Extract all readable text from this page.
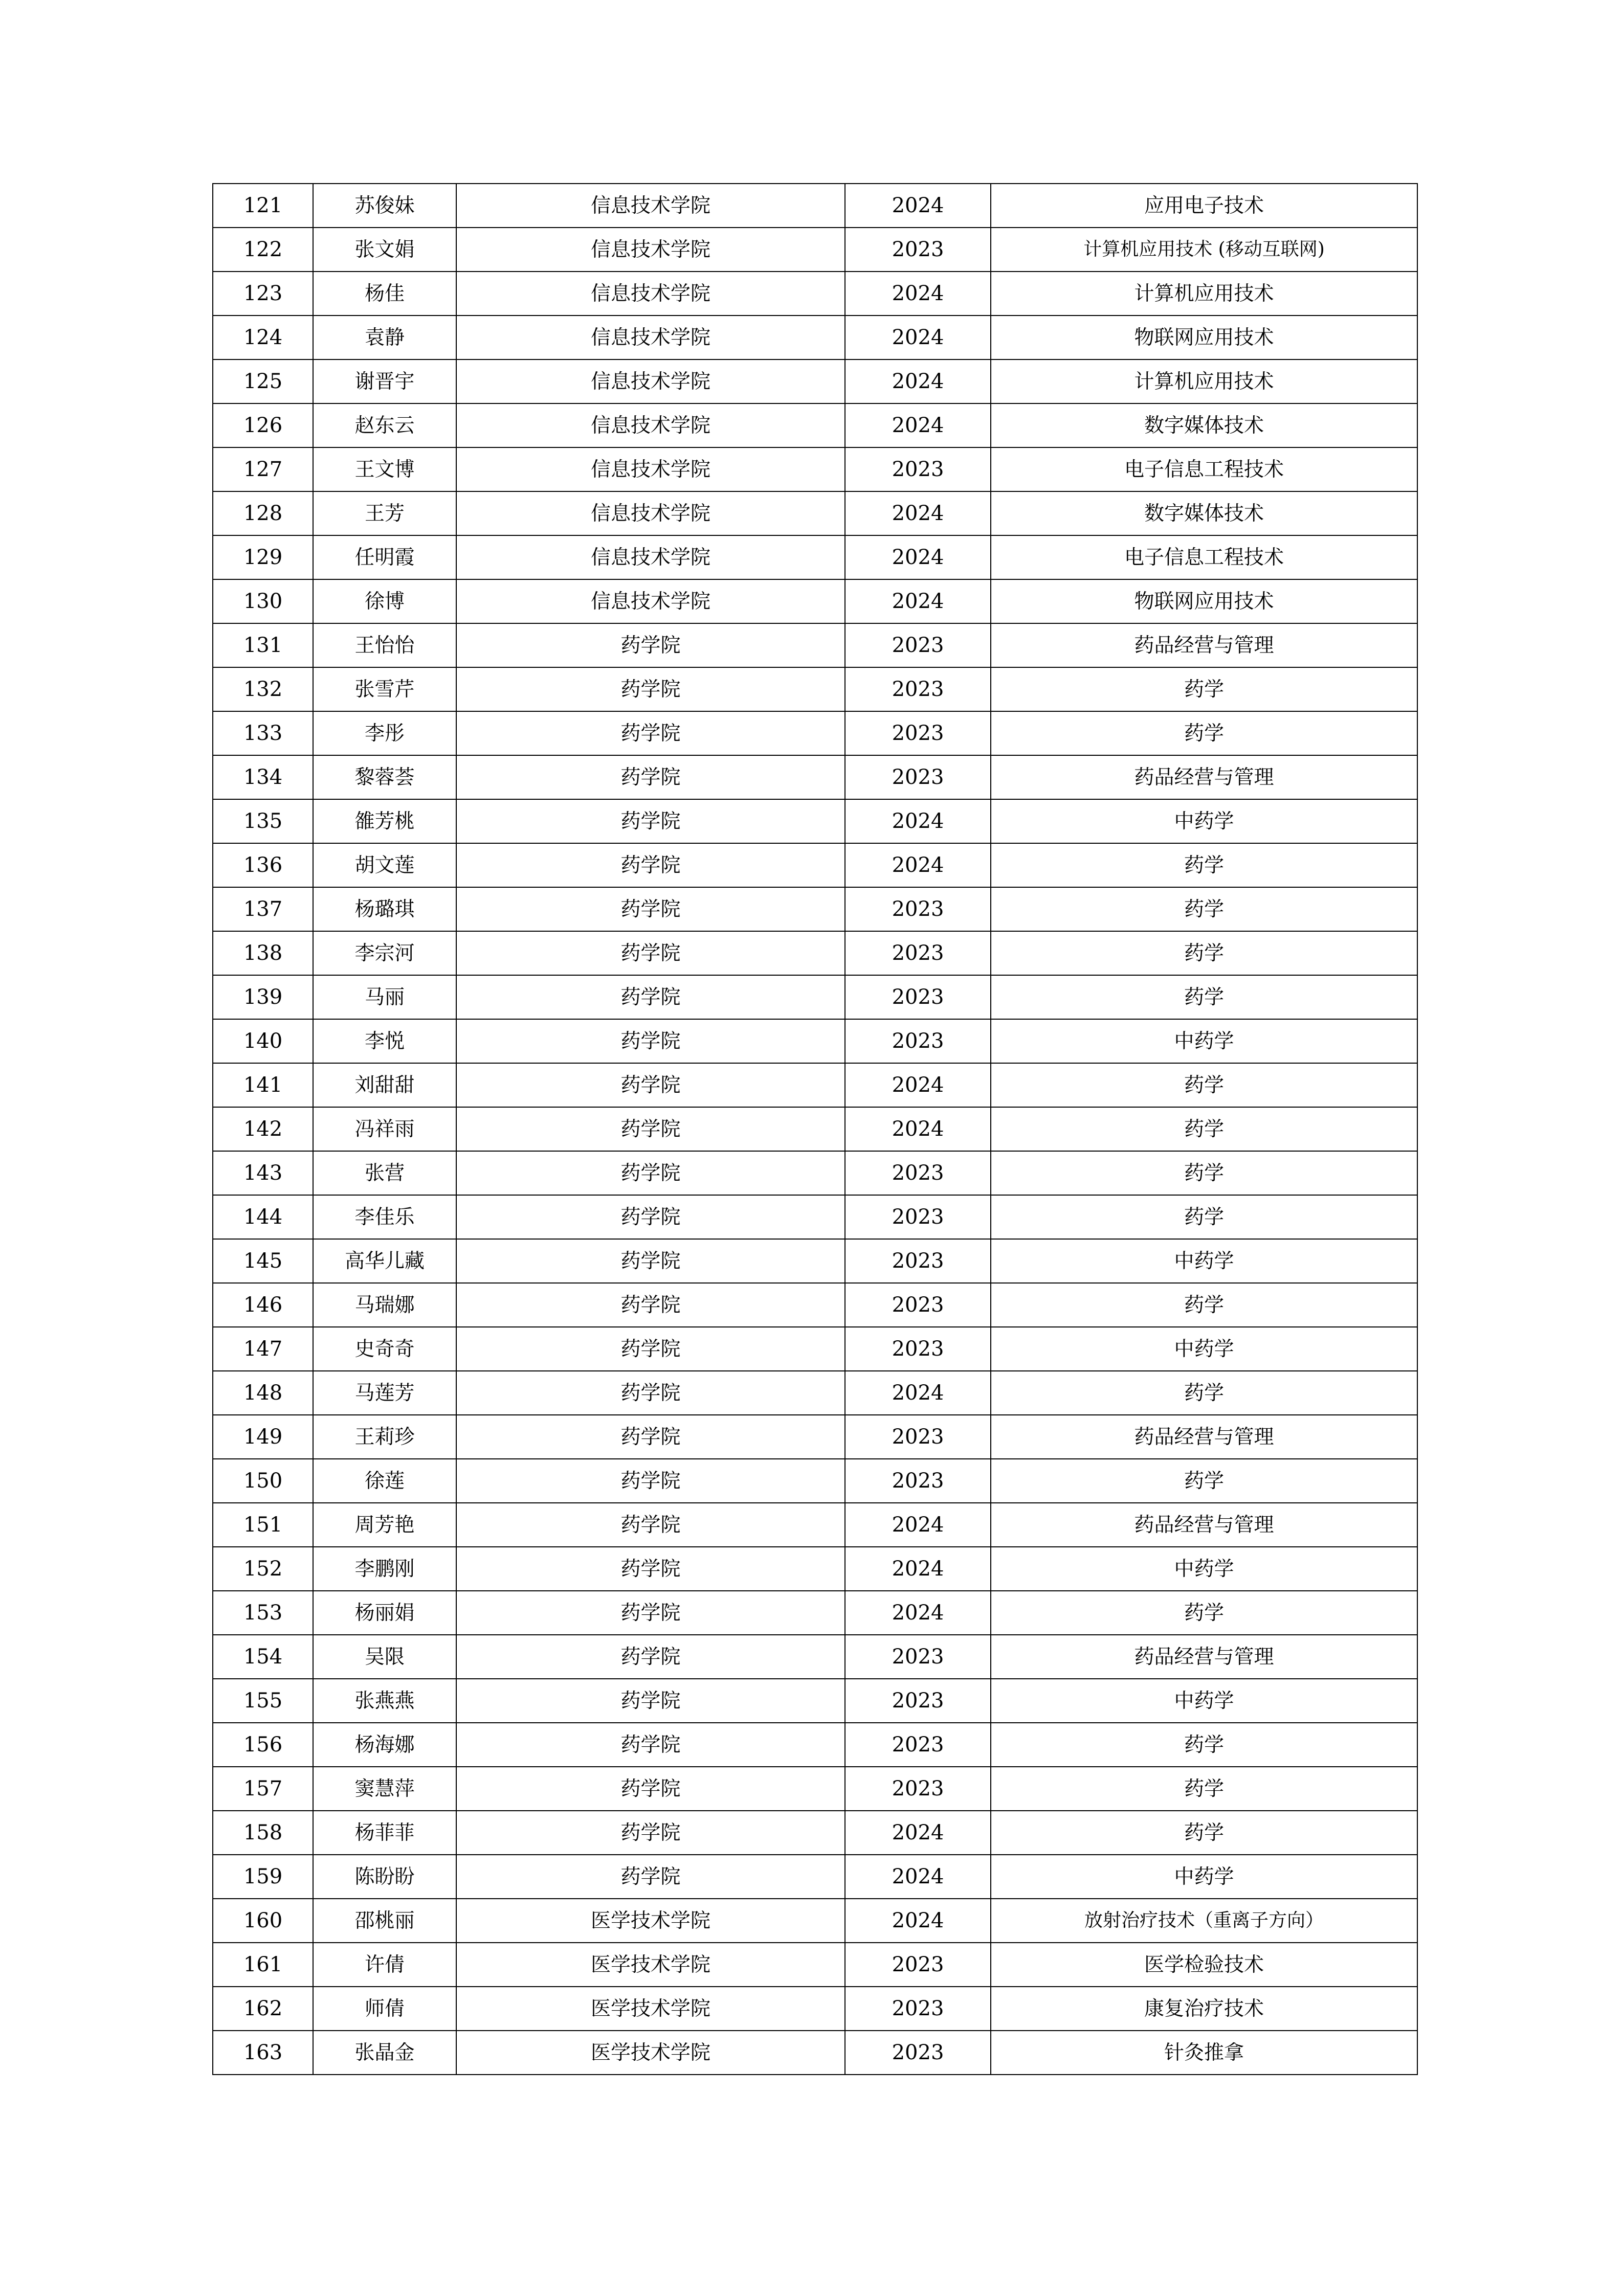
121	苏俊妹	信息技术学院	2024	应用电子技术
122	张文娟	信息技术学院	2023	计算机应用技术 (移动互联网)
123	杨佳	信息技术学院	2024	计算机应用技术
124	袁静	信息技术学院	2024	物联网应用技术
125	谢晋宇	信息技术学院	2024	计算机应用技术
126	赵东云	信息技术学院	2024	数字媒体技术
127	王文博	信息技术学院	2023	电子信息工程技术
128	王芳	信息技术学院	2024	数字媒体技术
129	任明霞	信息技术学院	2024	电子信息工程技术
130	徐博	信息技术学院	2024	物联网应用技术
131	王怡怡	药学院	2023	药品经营与管理
132	张雪芹	药学院	2023	药学
133	李彤	药学院	2023	药学
134	黎蓉荟	药学院	2023	药品经营与管理
135	雒芳桃	药学院	2024	中药学
136	胡文莲	药学院	2024	药学
137	杨璐琪	药学院	2023	药学
138	李宗河	药学院	2023	药学
139	马丽	药学院	2023	药学
140	李悦	药学院	2023	中药学
141	刘甜甜	药学院	2024	药学
142	冯祥雨	药学院	2024	药学
143	张营	药学院	2023	药学
144	李佳乐	药学院	2023	药学
145	高华儿藏	药学院	2023	中药学
146	马瑞娜	药学院	2023	药学
147	史奇奇	药学院	2023	中药学
148	马莲芳	药学院	2024	药学
149	王莉珍	药学院	2023	药品经营与管理
150	徐莲	药学院	2023	药学
151	周芳艳	药学院	2024	药品经营与管理
152	李鹏刚	药学院	2024	中药学
153	杨丽娟	药学院	2024	药学
154	吴限	药学院	2023	药品经营与管理
155	张燕燕	药学院	2023	中药学
156	杨海娜	药学院	2023	药学
157	窦慧萍	药学院	2023	药学
158	杨菲菲	药学院	2024	药学
159	陈盼盼	药学院	2024	中药学
160	邵桃丽	医学技术学院	2024	放射治疗技术（重离子方向）
161	许倩	医学技术学院	2023	医学检验技术
162	师倩	医学技术学院	2023	康复治疗技术
163	张晶金	医学技术学院	2023	针灸推拿
